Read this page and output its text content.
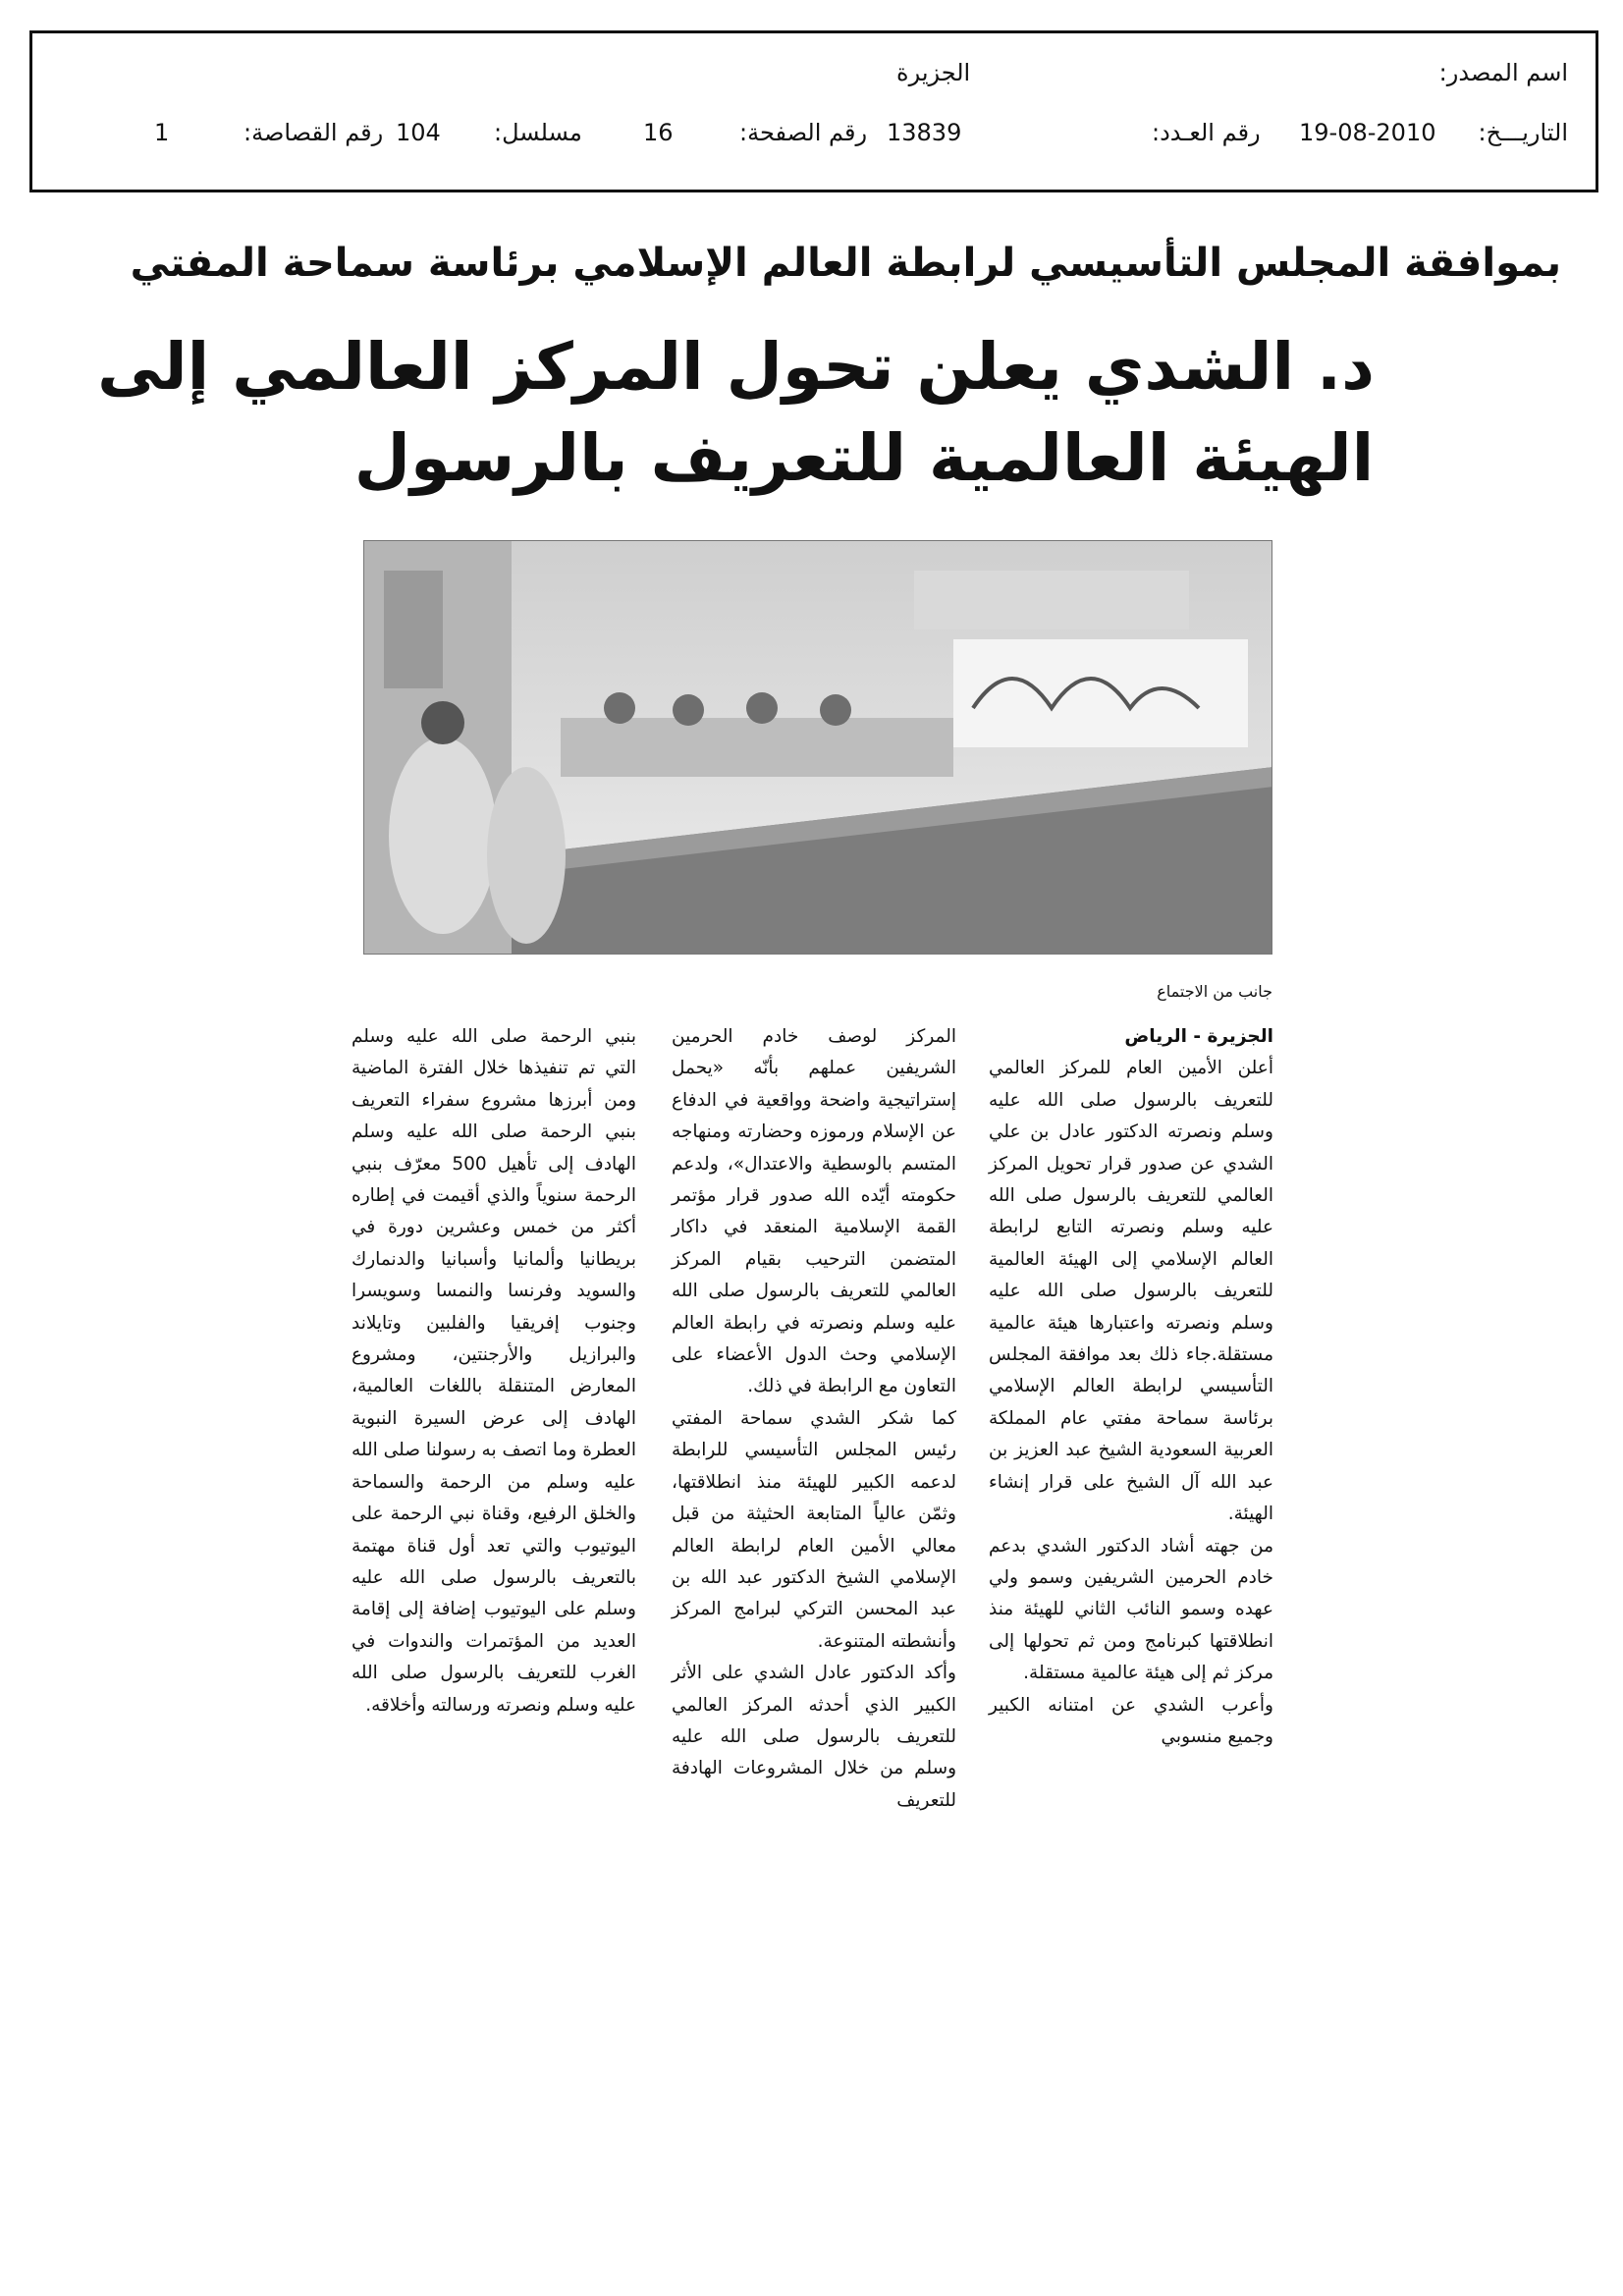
اسم المصدر:
الجزيرة
التاريـــخ:
19-08-2010
رقم العـدد:
13839
رقم الصفحة:
16
مسلسل:
104
رقم القصاصة:
1
بموافقة المجلس التأسيسي لرابطة العالم الإسلامي برئاسة سماحة المفتي
د. الشدي يعلن تحول المركز العالمي إلى
الهيئة العالمية للتعريف بالرسول
جانب من الاجتماع

الجزيرة - الرياض

أعلن الأمين العام للمركز العالمي للتعريف بالرسول صلى الله عليه وسلم ونصرته الدكتور عادل بن علي الشدي عن صدور قرار تحويل المركز العالمي للتعريف بالرسول صلى الله عليه وسلم ونصرته التابع لرابطة العالم الإسلامي إلى الهيئة العالمية للتعريف بالرسول صلى الله عليه وسلم ونصرته واعتبارها هيئة عالمية مستقلة.جاء ذلك بعد موافقة المجلس التأسيسي لرابطة العالم الإسلامي برئاسة سماحة مفتي عام المملكة العربية السعودية الشيخ عبد العزيز بن عبد الله آل الشيخ على قرار إنشاء الهيئة.

من جهته أشاد الدكتور الشدي بدعم خادم الحرمين الشريفين وسمو ولي عهده وسمو النائب الثاني للهيئة منذ انطلاقتها كبرنامج ومن ثم تحولها إلى مركز ثم إلى هيئة عالمية مستقلة.

وأعرب الشدي عن امتنانه الكبير وجميع منسوبي

المركز لوصف خادم الحرمين الشريفين عملهم بأنّه «يحمل إستراتيجية واضحة وواقعية في الدفاع عن الإسلام ورموزه وحضارته ومنهاجه المتسم بالوسطية والاعتدال»، ولدعم حكومته أيّده الله صدور قرار مؤتمر القمة الإسلامية المنعقد في داكار المتضمن الترحيب بقيام المركز العالمي للتعريف بالرسول صلى الله عليه وسلم ونصرته في رابطة العالم الإسلامي وحث الدول الأعضاء على التعاون مع الرابطة في ذلك.

كما شكر الشدي سماحة المفتي رئيس المجلس التأسيسي للرابطة لدعمه الكبير للهيئة منذ انطلاقتها، وثمّن عالياً المتابعة الحثيثة من قبل معالي الأمين العام لرابطة العالم الإسلامي الشيخ الدكتور عبد الله بن عبد المحسن التركي لبرامج المركز وأنشطته المتنوعة.

وأكد الدكتور عادل الشدي على الأثر الكبير الذي أحدثه المركز العالمي للتعريف بالرسول صلى الله عليه وسلم من خلال المشروعات الهادفة للتعريف

بنبي الرحمة صلى الله عليه وسلم التي تم تنفيذها خلال الفترة الماضية ومن أبرزها مشروع سفراء التعريف بنبي الرحمة صلى الله عليه وسلم الهادف إلى تأهيل 500 معرّف بنبي الرحمة سنوياً والذي أقيمت في إطاره أكثر من خمس وعشرين دورة في بريطانيا وألمانيا وأسبانيا والدنمارك والسويد وفرنسا والنمسا وسويسرا وجنوب إفريقيا والفلبين وتايلاند والبرازيل والأرجنتين، ومشروع المعارض المتنقلة باللغات العالمية، الهادف إلى عرض السيرة النبوية العطرة وما اتصف به رسولنا صلى الله عليه وسلم من الرحمة والسماحة والخلق الرفيع، وقناة نبي الرحمة على اليوتيوب والتي تعد أول قناة مهتمة بالتعريف بالرسول صلى الله عليه وسلم على اليوتيوب إضافة إلى إقامة العديد من المؤتمرات والندوات في الغرب للتعريف بالرسول صلى الله عليه وسلم ونصرته ورسالته وأخلاقه.
